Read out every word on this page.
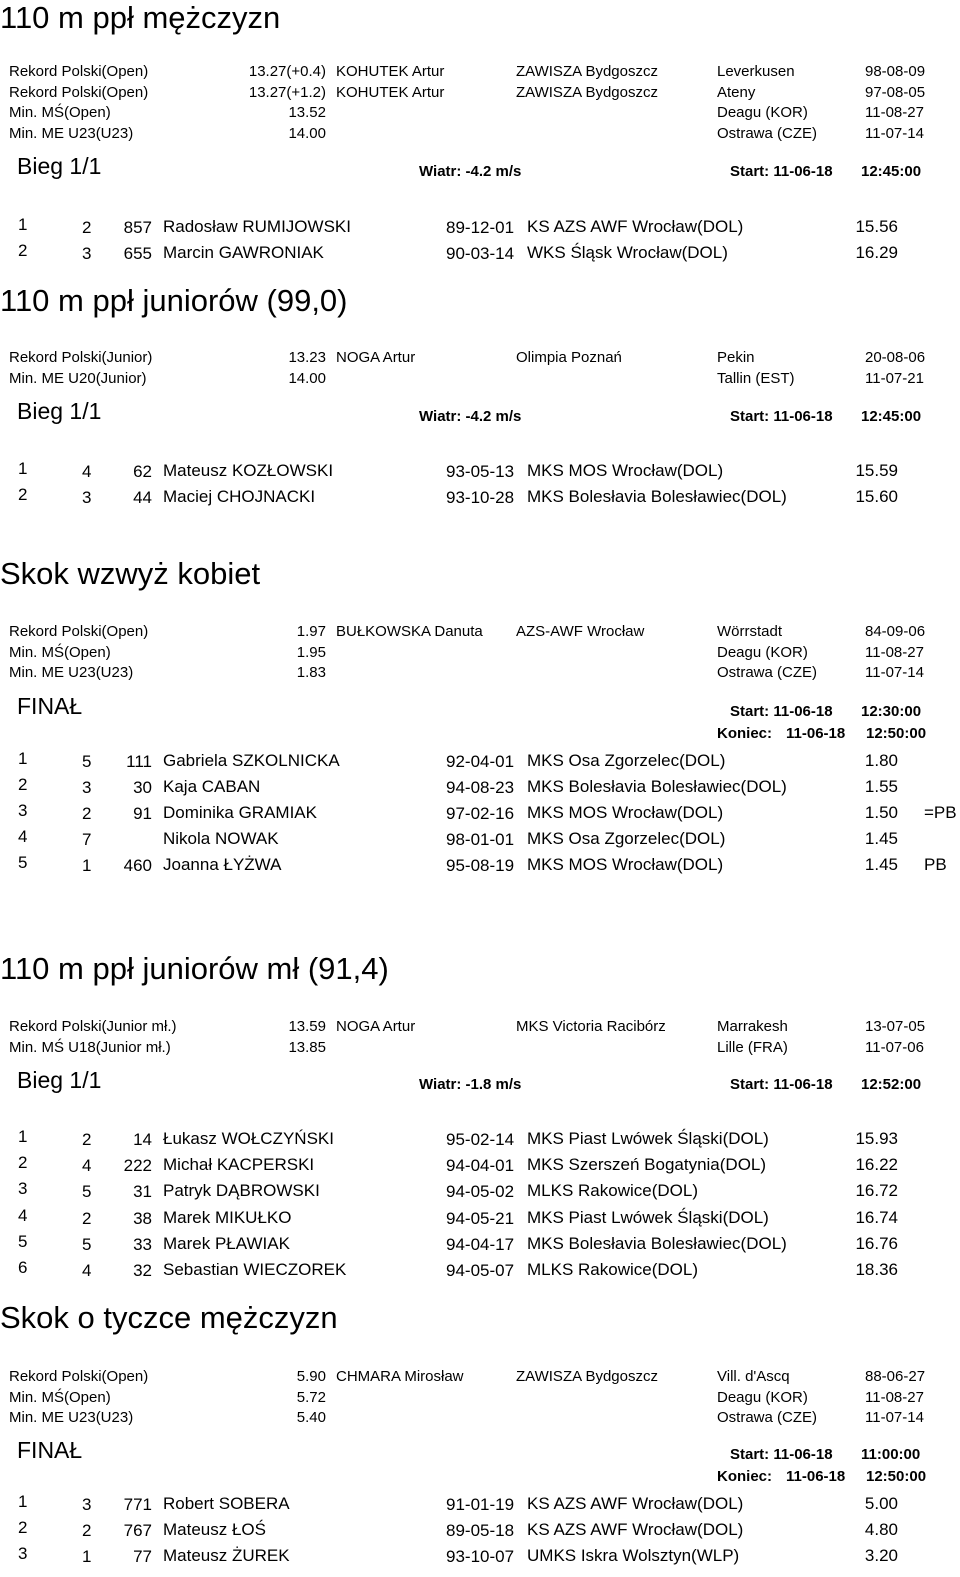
110 m ppł mężczyzn
Rekord Polski(Open)	13.27(+0.4) KOHUTEK Artur	ZAWISZA Bydgoszcz	Leverkusen	98-08-09
Rekord Polski(Open)	13.27(+1.2) KOHUTEK Artur	ZAWISZA Bydgoszcz	Ateny	97-08-05
Min. MŚ(Open)	13.52	Deagu (KOR)	11-08-27
Min. ME U23(U23)	14.00	Ostrawa (CZE)	11-07-14
Bieg 1/1	Wiatr: -4.2 m/s	Start: 11-06-18 12:45:00
1	2	857 Radosław RUMIJOWSKI	89-12-01 KS AZS AWF Wrocław(DOL)	15.56
2	3	655 Marcin GAWRONIAK	90-03-14 WKS Śląsk Wrocław(DOL)	16.29
110 m ppł juniorów (99,0)
Rekord Polski(Junior)	13.23 NOGA Artur	Olimpia Poznań	Pekin	20-08-06
Min. ME U20(Junior)	14.00	Tallin (EST)	11-07-21
Bieg 1/1	Wiatr: -4.2 m/s	Start: 11-06-18 12:45:00
1	4	62 Mateusz KOZŁOWSKI	93-05-13 MKS MOS Wrocław(DOL)	15.59
2	3	44 Maciej CHOJNACKI	93-10-28 MKS Bolesłavia Bolesławiec(DOL)	15.60
Skok wzwyż kobiet
Rekord Polski(Open)	1.97 BUŁKOWSKA Danuta AZS-AWF Wrocław	Wörrstadt	84-09-06
Min. MŚ(Open)	1.95	Deagu (KOR)	11-08-27
Min. ME U23(U23)	1.83	Ostrawa (CZE)	11-07-14
FINAŁ	Start: 11-06-18 12:30:00
Koniec: 11-06-18 12:50:00
1	5	111 Gabriela SZKOLNICKA	92-04-01 MKS Osa Zgorzelec(DOL)	1.80
2	3	30 Kaja CABAN	94-08-23 MKS Bolesłavia Bolesławiec(DOL)	1.55
3	2	91 Dominika GRAMIAK	97-02-16 MKS MOS Wrocław(DOL)	1.50 =PB
4	7	Nikola NOWAK	98-01-01 MKS Osa Zgorzelec(DOL)	1.45
5	1	460 Joanna ŁYŻWA	95-08-19 MKS MOS Wrocław(DOL)	1.45 PB
110 m ppł juniorów mł (91,4)
Rekord Polski(Junior mł.)	13.59 NOGA Artur	MKS Victoria Racibórz	Marrakesh	13-07-05
Min. MŚ U18(Junior mł.)	13.85	Lille (FRA)	11-07-06
Bieg 1/1	Wiatr: -1.8 m/s	Start: 11-06-18 12:52:00
1	2	14 Łukasz WOŁCZYŃSKI	95-02-14 MKS Piast Lwówek Śląski(DOL)	15.93
2	4	222 Michał KACPERSKI	94-04-01 MKS Szerszeń Bogatynia(DOL)	16.22
3	5	31 Patryk DĄBROWSKI	94-05-02 MLKS Rakowice(DOL)	16.72
4	2	38 Marek MIKUŁKO	94-05-21 MKS Piast Lwówek Śląski(DOL)	16.74
5	5	33 Marek PŁAWIAK	94-04-17 MKS Bolesłavia Bolesławiec(DOL)	16.76
6	4	32 Sebastian WIECZOREK	94-05-07 MLKS Rakowice(DOL)	18.36
Skok o tyczce mężczyzn
Rekord Polski(Open)	5.90 CHMARA Mirosław	ZAWISZA Bydgoszcz	Vill. d'Ascq	88-06-27
Min. MŚ(Open)	5.72	Deagu (KOR)	11-08-27
Min. ME U23(U23)	5.40	Ostrawa (CZE)	11-07-14
FINAŁ	Start: 11-06-18 11:00:00
Koniec: 11-06-18 12:50:00
1	3	771 Robert SOBERA	91-01-19 KS AZS AWF Wrocław(DOL)	5.00
2	2	767 Mateusz ŁOŚ	89-05-18 KS AZS AWF Wrocław(DOL)	4.80
3	1	77 Mateusz ŻUREK	93-10-07 UMKS Iskra Wolsztyn(WLP)	3.20
